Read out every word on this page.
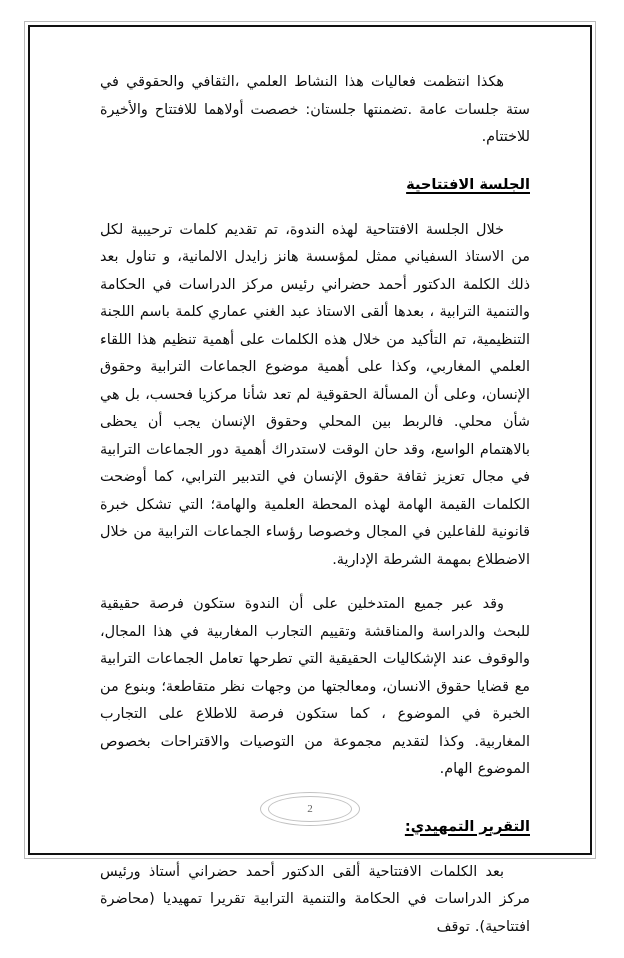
هكذا انتظمت فعاليات هذا النشاط العلمي ،الثقافي والحقوقي في ستة جلسات عامة .تضمنتها جلستان: خصصت أولاهما للافتتاح والأخيرة للاختتام.

الجلسة الافتتاحية

خلال الجلسة الافتتاحية لهذه الندوة، تم تقديم كلمات ترحيبية لكل من الاستاذ السفياني ممثل لمؤسسة هانز زايدل الالمانية، و تناول بعد ذلك الكلمة الدكتور أحمد حضراني رئيس مركز الدراسات في الحكامة والتنمية الترابية ، بعدها ألقى الاستاذ عبد الغني عماري كلمة باسم اللجنة التنظيمية، تم التأكيد من خلال هذه الكلمات على أهمية تنظيم هذا اللقاء العلمي المغاربي، وكذا على أهمية موضوع الجماعات الترابية وحقوق الإنسان، وعلى أن المسألة الحقوقية لم تعد شأنا مركزيا فحسب، بل هي شأن محلي. فالربط بين المحلي وحقوق الإنسان يجب أن يحظى بالاهتمام الواسع، وقد حان الوقت لاستدراك أهمية دور الجماعات الترابية في مجال تعزيز ثقافة حقوق الإنسان في التدبير الترابي، كما أوضحت الكلمات القيمة الهامة لهذه المحطة العلمية والهامة؛ التي تشكل خبرة قانونية للفاعلين في المجال وخصوصا رؤساء الجماعات الترابية من خلال الاضطلاع بمهمة الشرطة الإدارية.

وقد عبر جميع المتدخلين على أن الندوة ستكون فرصة حقيقية للبحث والدراسة والمناقشة وتقييم التجارب المغاربية في هذا المجال، والوقوف عند الإشكاليات الحقيقية التي تطرحها تعامل الجماعات الترابية مع قضايا حقوق الانسان، ومعالجتها من وجهات نظر متقاطعة؛ وبنوع من الخبرة في الموضوع ، كما ستكون فرصة للاطلاع على التجارب المغاربية. وكذا لتقديم مجموعة من التوصيات والاقتراحات بخصوص الموضوع الهام.

التقرير التمهيدي:

بعد الكلمات الافتتاحية ألقى الدكتور أحمد حضراني أستاذ ورئيس مركز الدراسات في الحكامة والتنمية الترابية تقريرا تمهيديا (محاضرة افتتاحية). توقف

2
